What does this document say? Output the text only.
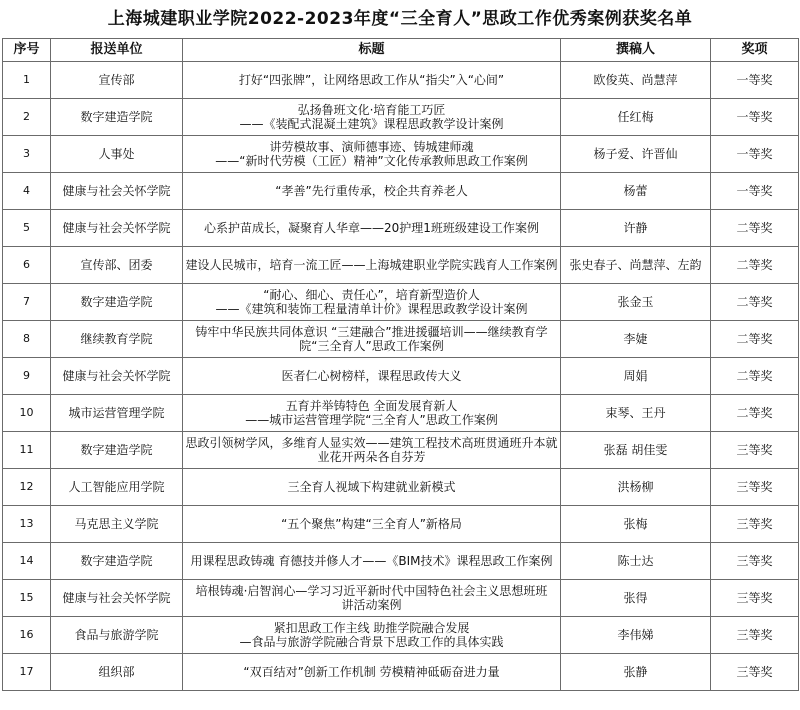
上海城建职业学院2022-2023年度“三全育人”思政工作优秀案例获奖名单
序号	报送单位	标题	撰稿人	奖项
1	宣传部	打好“四张牌”，让网络思政工作从“指尖”入“心间”	欧俊英、尚慧萍	一等奖
2	数字建造学院	弘扬鲁班文化·培育能工巧匠
——《装配式混凝土建筑》课程思政教学设计案例	任红梅	一等奖
3	人事处	讲劳模故事、演师德事迹、铸城建师魂
——“新时代劳模（工匠）精神”文化传承教师思政工作案例	杨子爱、许晋仙	一等奖
4	健康与社会关怀学院	“孝善”先行重传承，校企共育养老人	杨蕾	一等奖
5	健康与社会关怀学院	心系护苗成长，凝聚育人华章——20护理1班班级建设工作案例	许静	二等奖
6	宣传部、团委	建设人民城市，培育一流工匠——上海城建职业学院实践育人工作案例	张史春子、尚慧萍、左韵	二等奖
7	数字建造学院	“耐心、细心、责任心”，培育新型造价人
——《建筑和装饰工程量清单计价》课程思政教学设计案例	张金玉	二等奖
8	继续教育学院	铸牢中华民族共同体意识 “三建融合”推进援疆培训——继续教育学
院“三全育人”思政工作案例	李婕	二等奖
9	健康与社会关怀学院	医者仁心树榜样，课程思政传大义	周娟	二等奖
10	城市运营管理学院	五育并举铸特色 全面发展育新人
——城市运营管理学院“三全育人”思政工作案例	束琴、王丹	二等奖
11	数字建造学院	思政引领树学风，多维育人显实效——建筑工程技术高班贯通班升本就
业花开两朵各自芬芳	张磊 胡佳雯	三等奖
12	人工智能应用学院	三全育人视域下构建就业新模式	洪杨柳	三等奖
13	马克思主义学院	“五个聚焦”构建“三全育人”新格局	张梅	三等奖
14	数字建造学院	用课程思政铸魂 育德技并修人才——《BIM技术》课程思政工作案例	陈士达	三等奖
15	健康与社会关怀学院	培根铸魂·启智润心—学习习近平新时代中国特色社会主义思想班班
讲活动案例	张得	三等奖
16	食品与旅游学院	紧扣思政工作主线 助推学院融合发展
—食品与旅游学院融合背景下思政工作的具体实践	李伟娣	三等奖
17	组织部	“双百结对”创新工作机制 劳模精神砥砺奋进力量	张静	三等奖
